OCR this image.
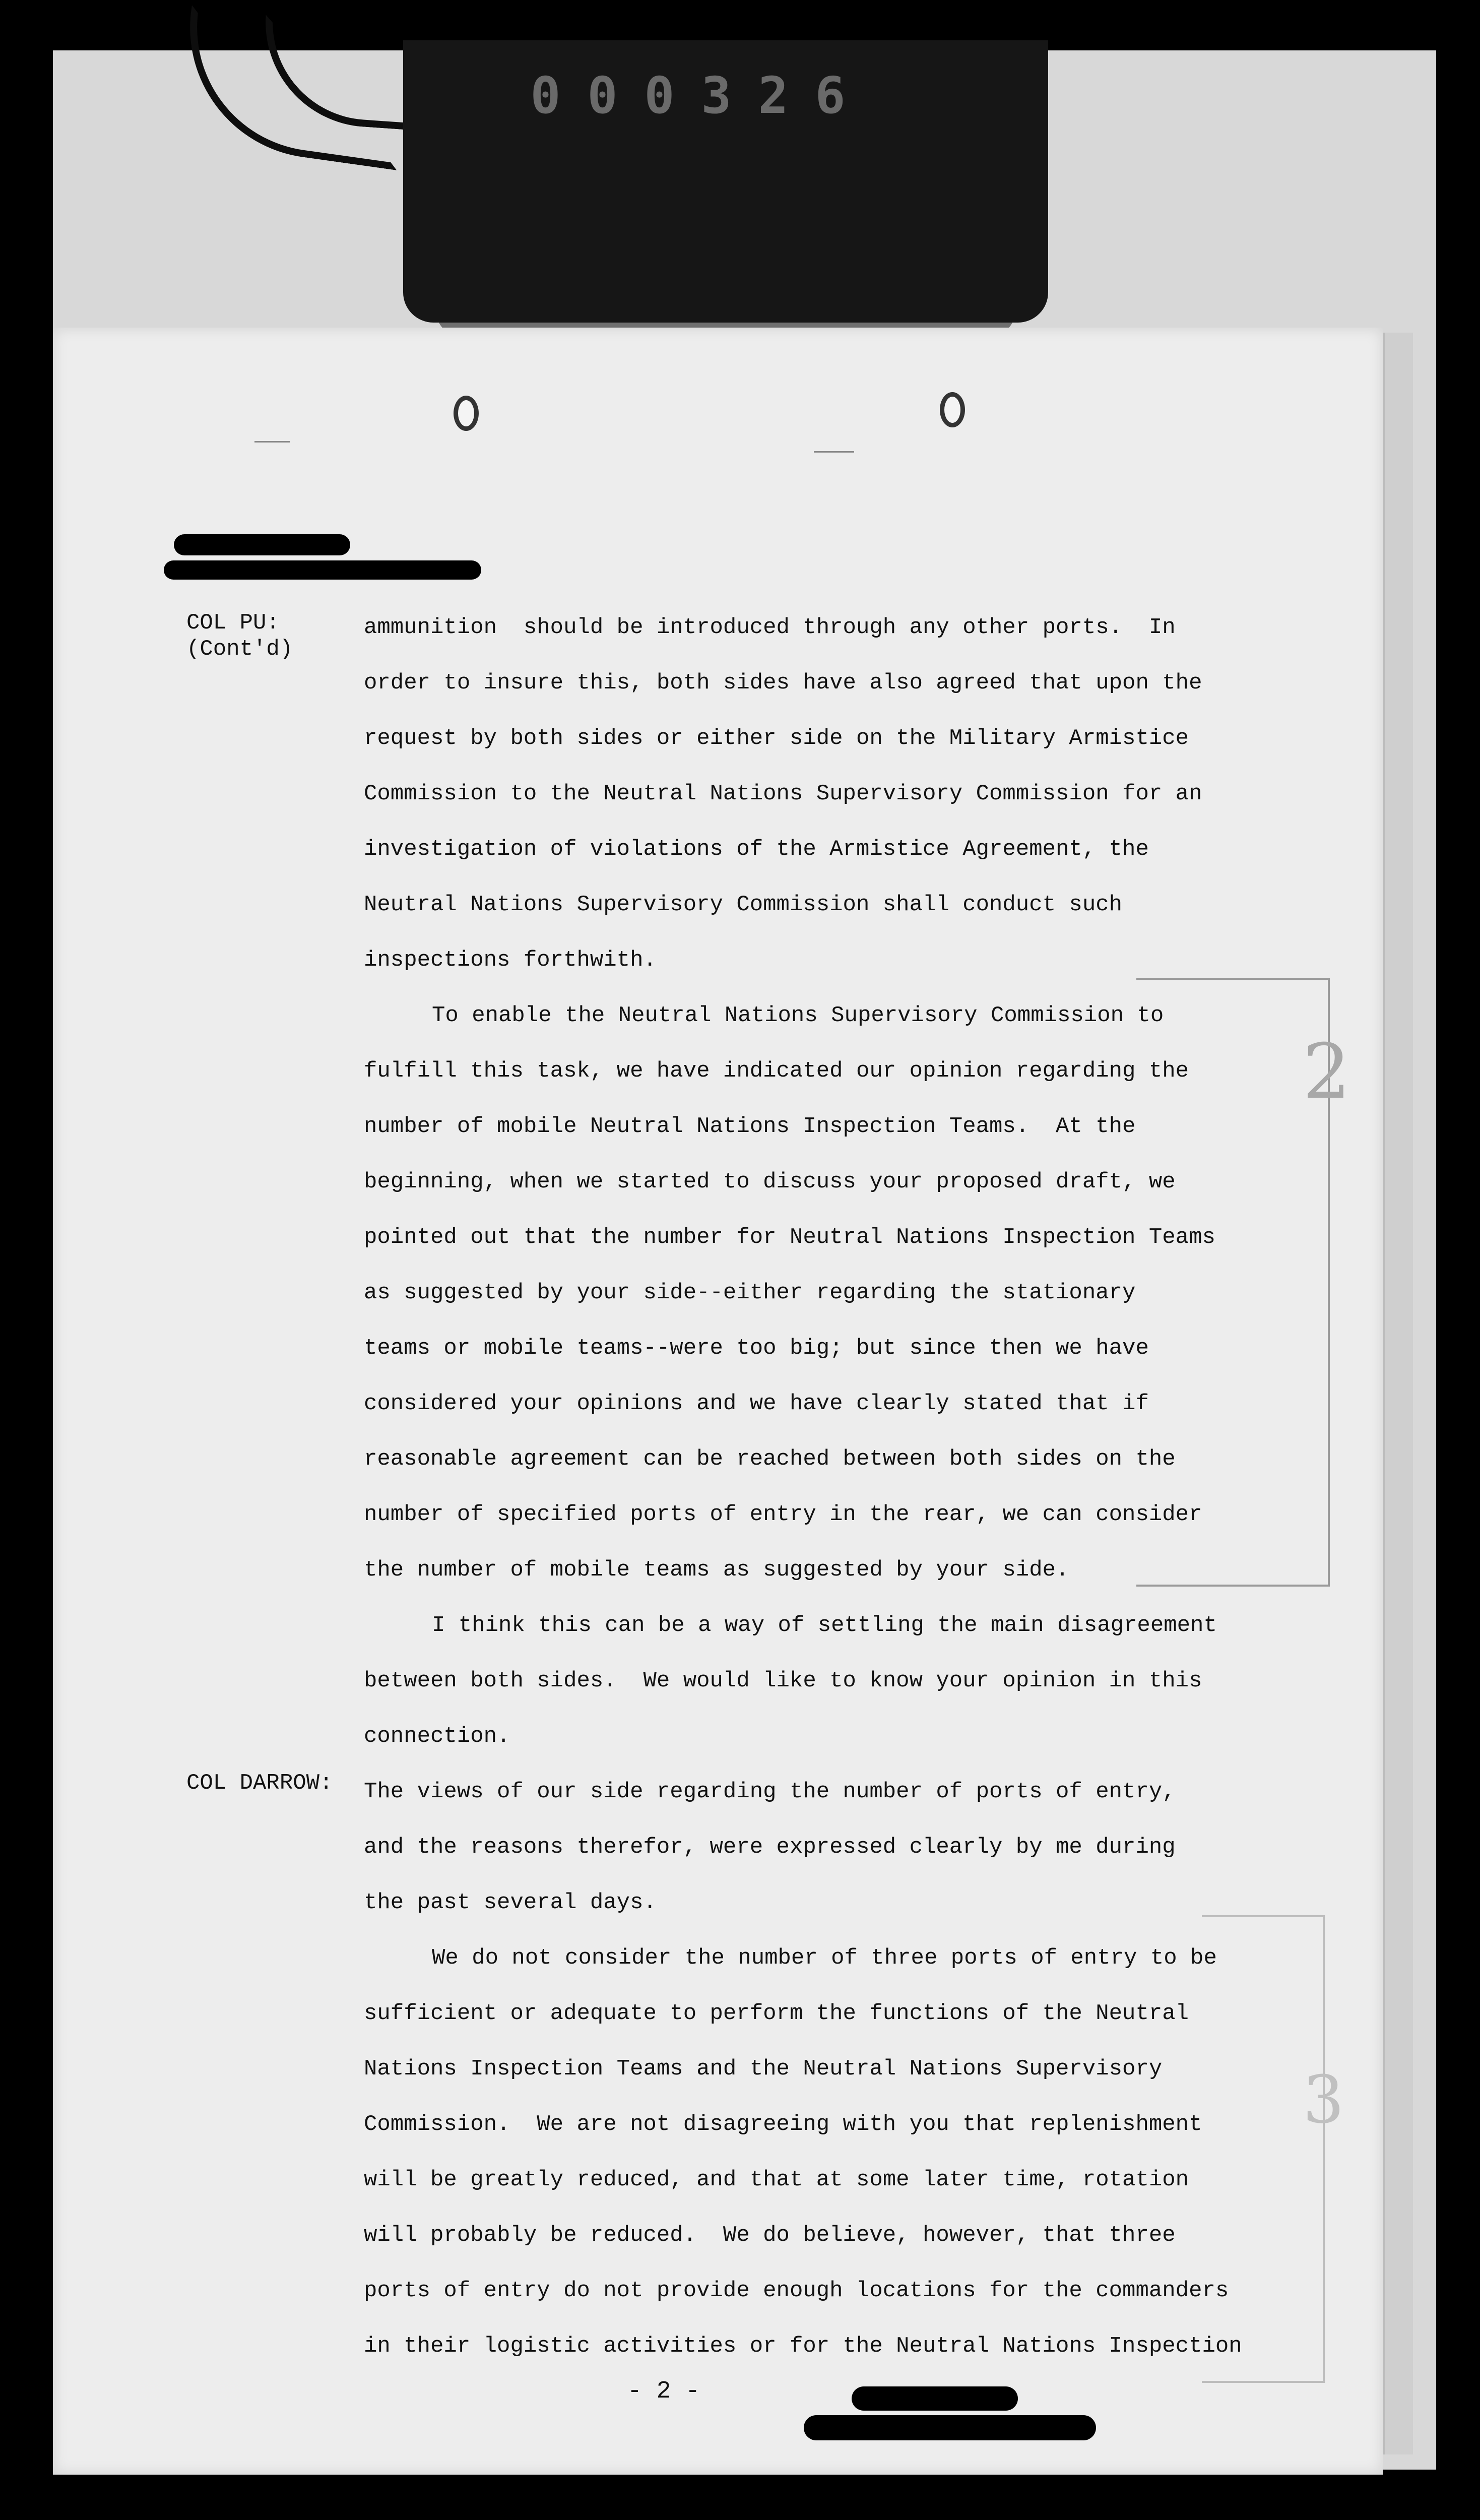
0 0 0 3 2 6
2
3
COL PU:
(Cont'd)
COL DARROW:
ammunition  should be introduced through any other ports.  In
order to insure this, both sides have also agreed that upon the
request by both sides or either side on the Military Armistice
Commission to the Neutral Nations Supervisory Commission for an
investigation of violations of the Armistice Agreement, the
Neutral Nations Supervisory Commission shall conduct such
inspections forthwith.
To enable the Neutral Nations Supervisory Commission to
fulfill this task, we have indicated our opinion regarding the
number of mobile Neutral Nations Inspection Teams.  At the
beginning, when we started to discuss your proposed draft, we
pointed out that the number for Neutral Nations Inspection Teams
as suggested by your side--either regarding the stationary
teams or mobile teams--were too big; but since then we have
considered your opinions and we have clearly stated that if
reasonable agreement can be reached between both sides on the
number of specified ports of entry in the rear, we can consider
the number of mobile teams as suggested by your side.
I think this can be a way of settling the main disagreement
between both sides.  We would like to know your opinion in this
connection.
The views of our side regarding the number of ports of entry,
and the reasons therefor, were expressed clearly by me during
the past several days.
We do not consider the number of three ports of entry to be
sufficient or adequate to perform the functions of the Neutral
Nations Inspection Teams and the Neutral Nations Supervisory
Commission.  We are not disagreeing with you that replenishment
will be greatly reduced, and that at some later time, rotation
will probably be reduced.  We do believe, however, that three
ports of entry do not provide enough locations for the commanders
in their logistic activities or for the Neutral Nations Inspection
- 2 -
